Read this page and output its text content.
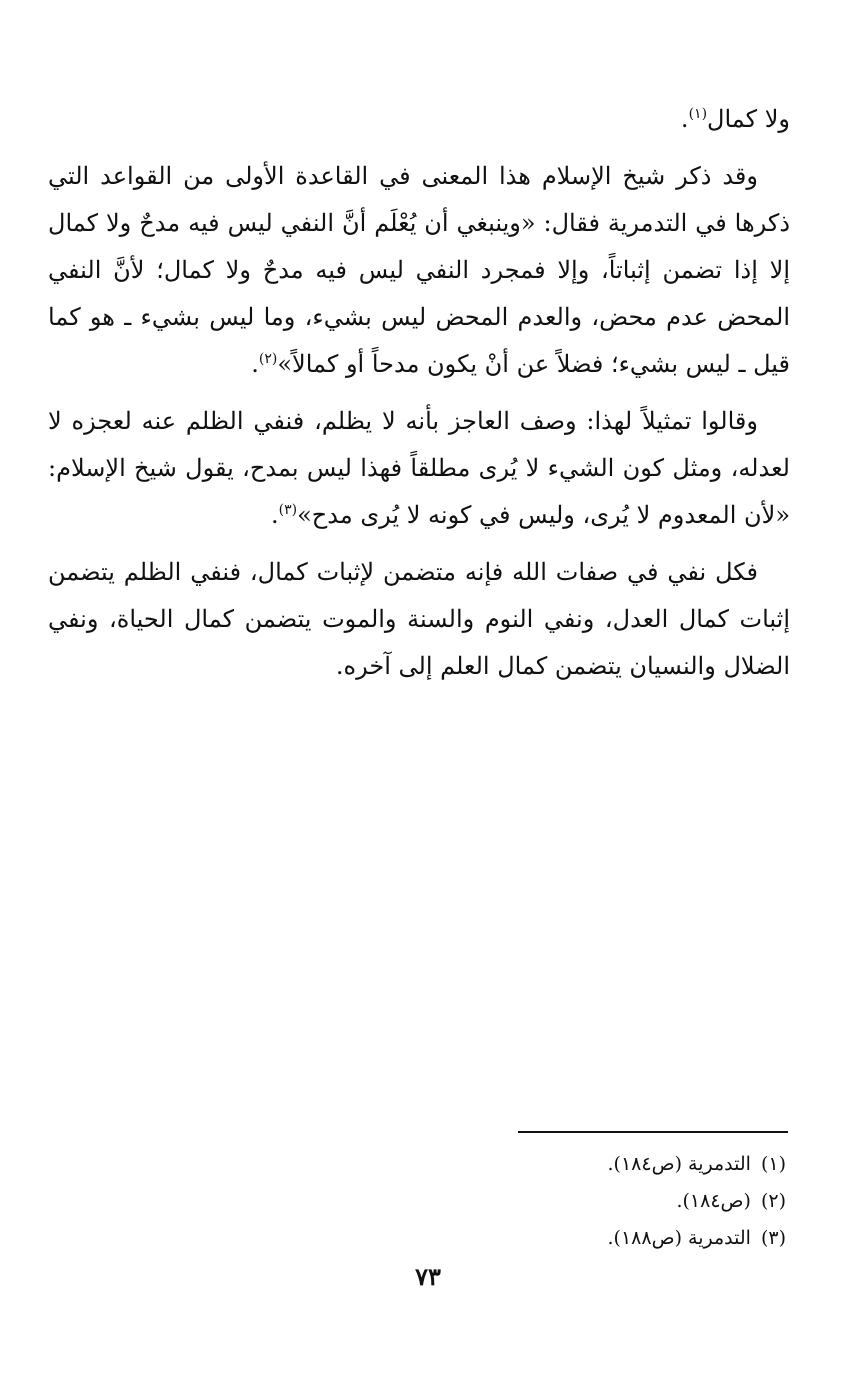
ولا كمال$^{(١)}$.

وقد ذكر شيخ الإسلام هذا المعنى في القاعدة الأولى من القواعد التي ذكرها في التدمرية فقال: «وينبغي أن يُعْلَم أنَّ النفي ليس فيه مدحٌ ولا كمال إلا إذا تضمن إثباتاً، وإلا فمجرد النفي ليس فيه مدحٌ ولا كمال؛ لأنَّ النفي المحض عدم محض، والعدم المحض ليس بشيء، وما ليس بشيء ـ هو كما قيل ـ ليس بشيء؛ فضلاً عن أنْ يكون مدحاً أو كمالاً»$^{(٢)}$.

وقالوا تمثيلاً لهذا: وصف العاجز بأنه لا يظلم، فنفي الظلم عنه لعجزه لا لعدله، ومثل كون الشيء لا يُرى مطلقاً فهذا ليس بمدح، يقول شيخ الإسلام: «لأن المعدوم لا يُرى، وليس في كونه لا يُرى مدح»$^{(٣)}$.

فكل نفي في صفات الله فإنه متضمن لإثبات كمال، فنفي الظلم يتضمن إثبات كمال العدل، ونفي النوم والسنة والموت يتضمن كمال الحياة، ونفي الضلال والنسيان يتضمن كمال العلم إلى آخره.

(١)التدمرية (ص١٨٤).

(٢)(ص١٨٤).

(٣)التدمرية (ص١٨٨).

٧٣
